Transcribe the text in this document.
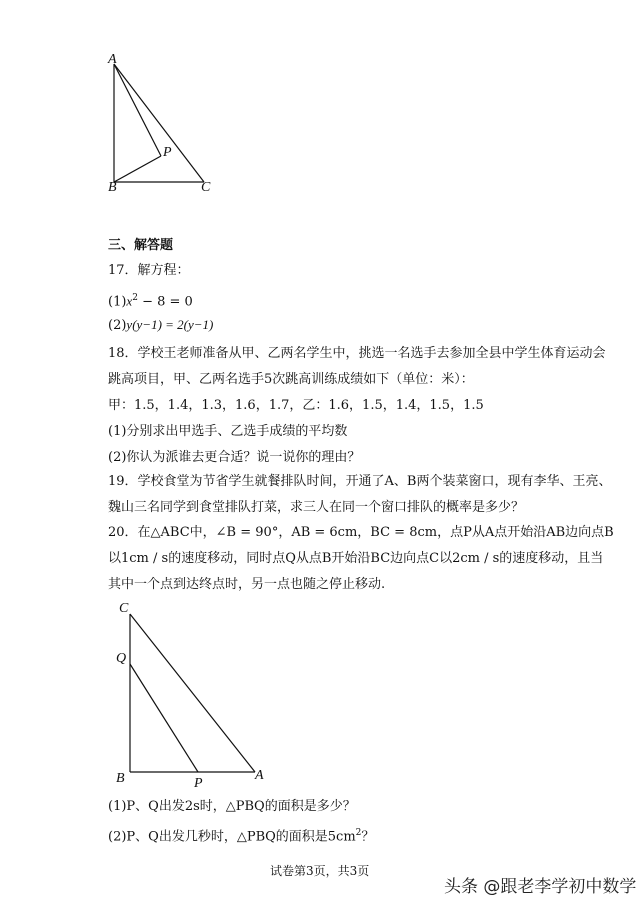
A
P
B	C
三、解答题
17．解方程：
$(1)x^2 - 8 = 0$
(2)y(y−1) = 2(y−1)
18．学校王老师准备从甲、乙两名学生中，挑选一名选手去参加全县中学生体育运动会
跳高项目，甲、乙两名选手5次跳高训练成绩如下（单位：米）：
甲：1.5，1.4，1.3，1.6，1.7，乙：1.6，1.5，1.4，1.5，1.5
(1)分别求出甲选手、乙选手成绩的平均数
(2)你认为派谁去更合适？说一说你的理由？
19．学校食堂为节省学生就餐排队时间，开通了A、B两个装菜窗口，现有李华、王亮、
魏山三名同学到食堂排队打菜，求三人在同一个窗口排队的概率是多少？
20．在△ABC中，∠B = 90°，AB = 6cm，BC = 8cm，点P从A点开始沿AB边向点B
以1cm / s的速度移动，同时点Q从点B开始沿BC边向点C以2cm / s的速度移动，且当
其中一个点到达终点时，另一点也随之停止移动.
C
Q
B	P
A
(1)P、Q出发2s时，△PBQ的面积是多少？
(2)P、Q出发几秒时，△PBQ的面积是$5cm^2$？
试卷第3页，共3页
头条 @跟老李学初中数学
